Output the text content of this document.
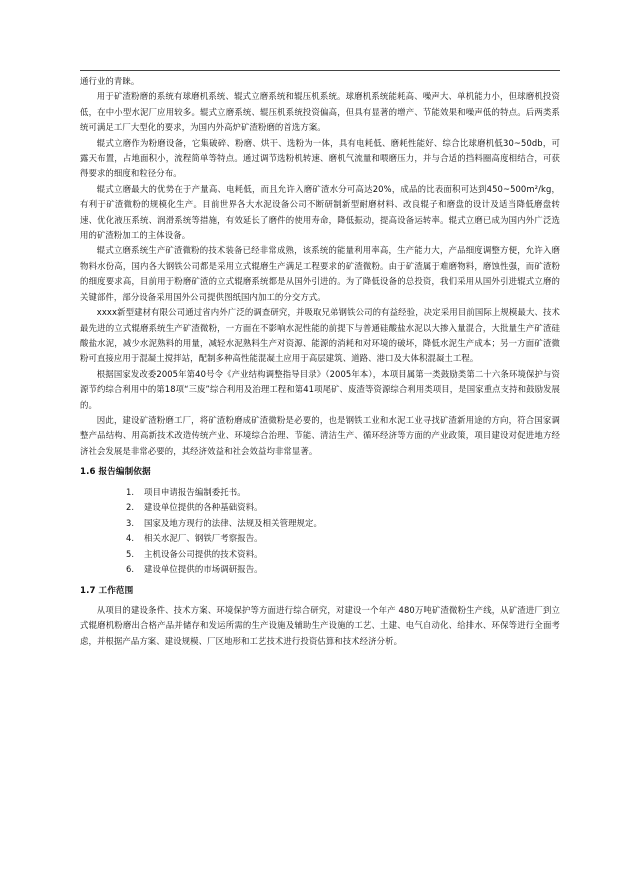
通行业的青睐。

用于矿渣粉磨的系统有球磨机系统、辊式立磨系统和辊压机系统。球磨机系统能耗高、噪声大、单机能力小，但球磨机投资低，在中小型水泥厂应用较多。辊式立磨系统、辊压机系统投资偏高，但具有显著的增产、节能效果和噪声低的特点。后两类系统可满足工厂大型化的要求，为国内外高炉矿渣粉磨的首选方案。

辊式立磨作为粉磨设备，它集破碎、粉磨、烘干、选粉为一体，具有电耗低、磨耗性能好、综合比球磨机低30~50db，可露天布置，占地面积小，流程简单等特点。通过调节选粉机转速、磨机气流量和喂磨压力，并与合适的挡料圈高度相结合，可获得要求的细度和粒径分布。

辊式立磨最大的优势在于产量高、电耗低，而且允许入磨矿渣水分可高达20%，成品的比表面积可达到450~500m²/kg，有利于矿渣微粉的规模化生产。目前世界各大水泥设备公司不断研制新型耐磨材料、改良辊子和磨盘的设计及适当降低磨盘转速、优化液压系统、润滑系统等措施，有效延长了磨件的使用寿命，降低振动，提高设备运转率。辊式立磨已成为国内外广泛选用的矿渣粉加工的主体设备。

辊式立磨系统生产矿渣微粉的技术装备已经非常成熟，该系统的能量利用率高，生产能力大，产品细度调整方便，允许入磨物料水份高，国内各大钢铁公司都是采用立式辊磨生产满足工程要求的矿渣微粉。由于矿渣属于难磨物料，磨蚀性强，而矿渣粉的细度要求高，目前用于粉磨矿渣的立式辊磨系统都是从国外引进的。为了降低设备的总投资，我们采用从国外引进辊式立磨的关键部件，部分设备采用国外公司提供图纸国内加工的分交方式。

xxxx新型建材有限公司通过省内外广泛的调查研究，并吸取兄弟钢铁公司的有益经验，决定采用目前国际上规模最大、技术最先进的立式辊磨系统生产矿渣微粉，一方面在不影响水泥性能的前提下与普通硅酸盐水泥以大掺入量混合，大批量生产矿渣硅酸盐水泥，减少水泥熟料的用量，减轻水泥熟料生产对资源、能源的消耗和对环境的破坏，降低水泥生产成本；另一方面矿渣微粉可直接应用于混凝土搅拌站，配制多种高性能混凝土应用于高层建筑、道路、港口及大体积混凝土工程。

根据国家发改委2005年第40号令《产业结构调整指导目录》（2005年本），本项目属第一类鼓励类第二十六条环境保护与资源节约综合利用中的第18项“三废”综合利用及治理工程和第41项尾矿、废渣等资源综合利用类项目，是国家重点支持和鼓励发展的。

因此，建设矿渣粉磨工厂，将矿渣粉磨成矿渣微粉是必要的，也是钢铁工业和水泥工业寻找矿渣新用途的方向，符合国家调整产品结构、用高新技术改造传统产业、环境综合治理、节能、清洁生产、循环经济等方面的产业政策，项目建设对促进地方经济社会发展是非常必要的，其经济效益和社会效益均非常显著。

1.6 报告编制依据
1. 项目申请报告编制委托书。
2. 建设单位提供的各种基础资料。
3. 国家及地方现行的法律、法规及相关管理规定。
4. 相关水泥厂、钢铁厂考察报告。
5. 主机设备公司提供的技术资料。
6. 建设单位提供的市场调研报告。
1.7 工作范围

从项目的建设条件、技术方案、环境保护等方面进行综合研究，对建设一个年产 480万吨矿渣微粉生产线，从矿渣进厂到立式辊磨机粉磨出合格产品并储存和发运所需的生产设施及辅助生产设施的工艺、土建、电气自动化、给排水、环保等进行全面考虑，并根据产品方案、建设规模、厂区地形和工艺技术进行投资估算和技术经济分析。
